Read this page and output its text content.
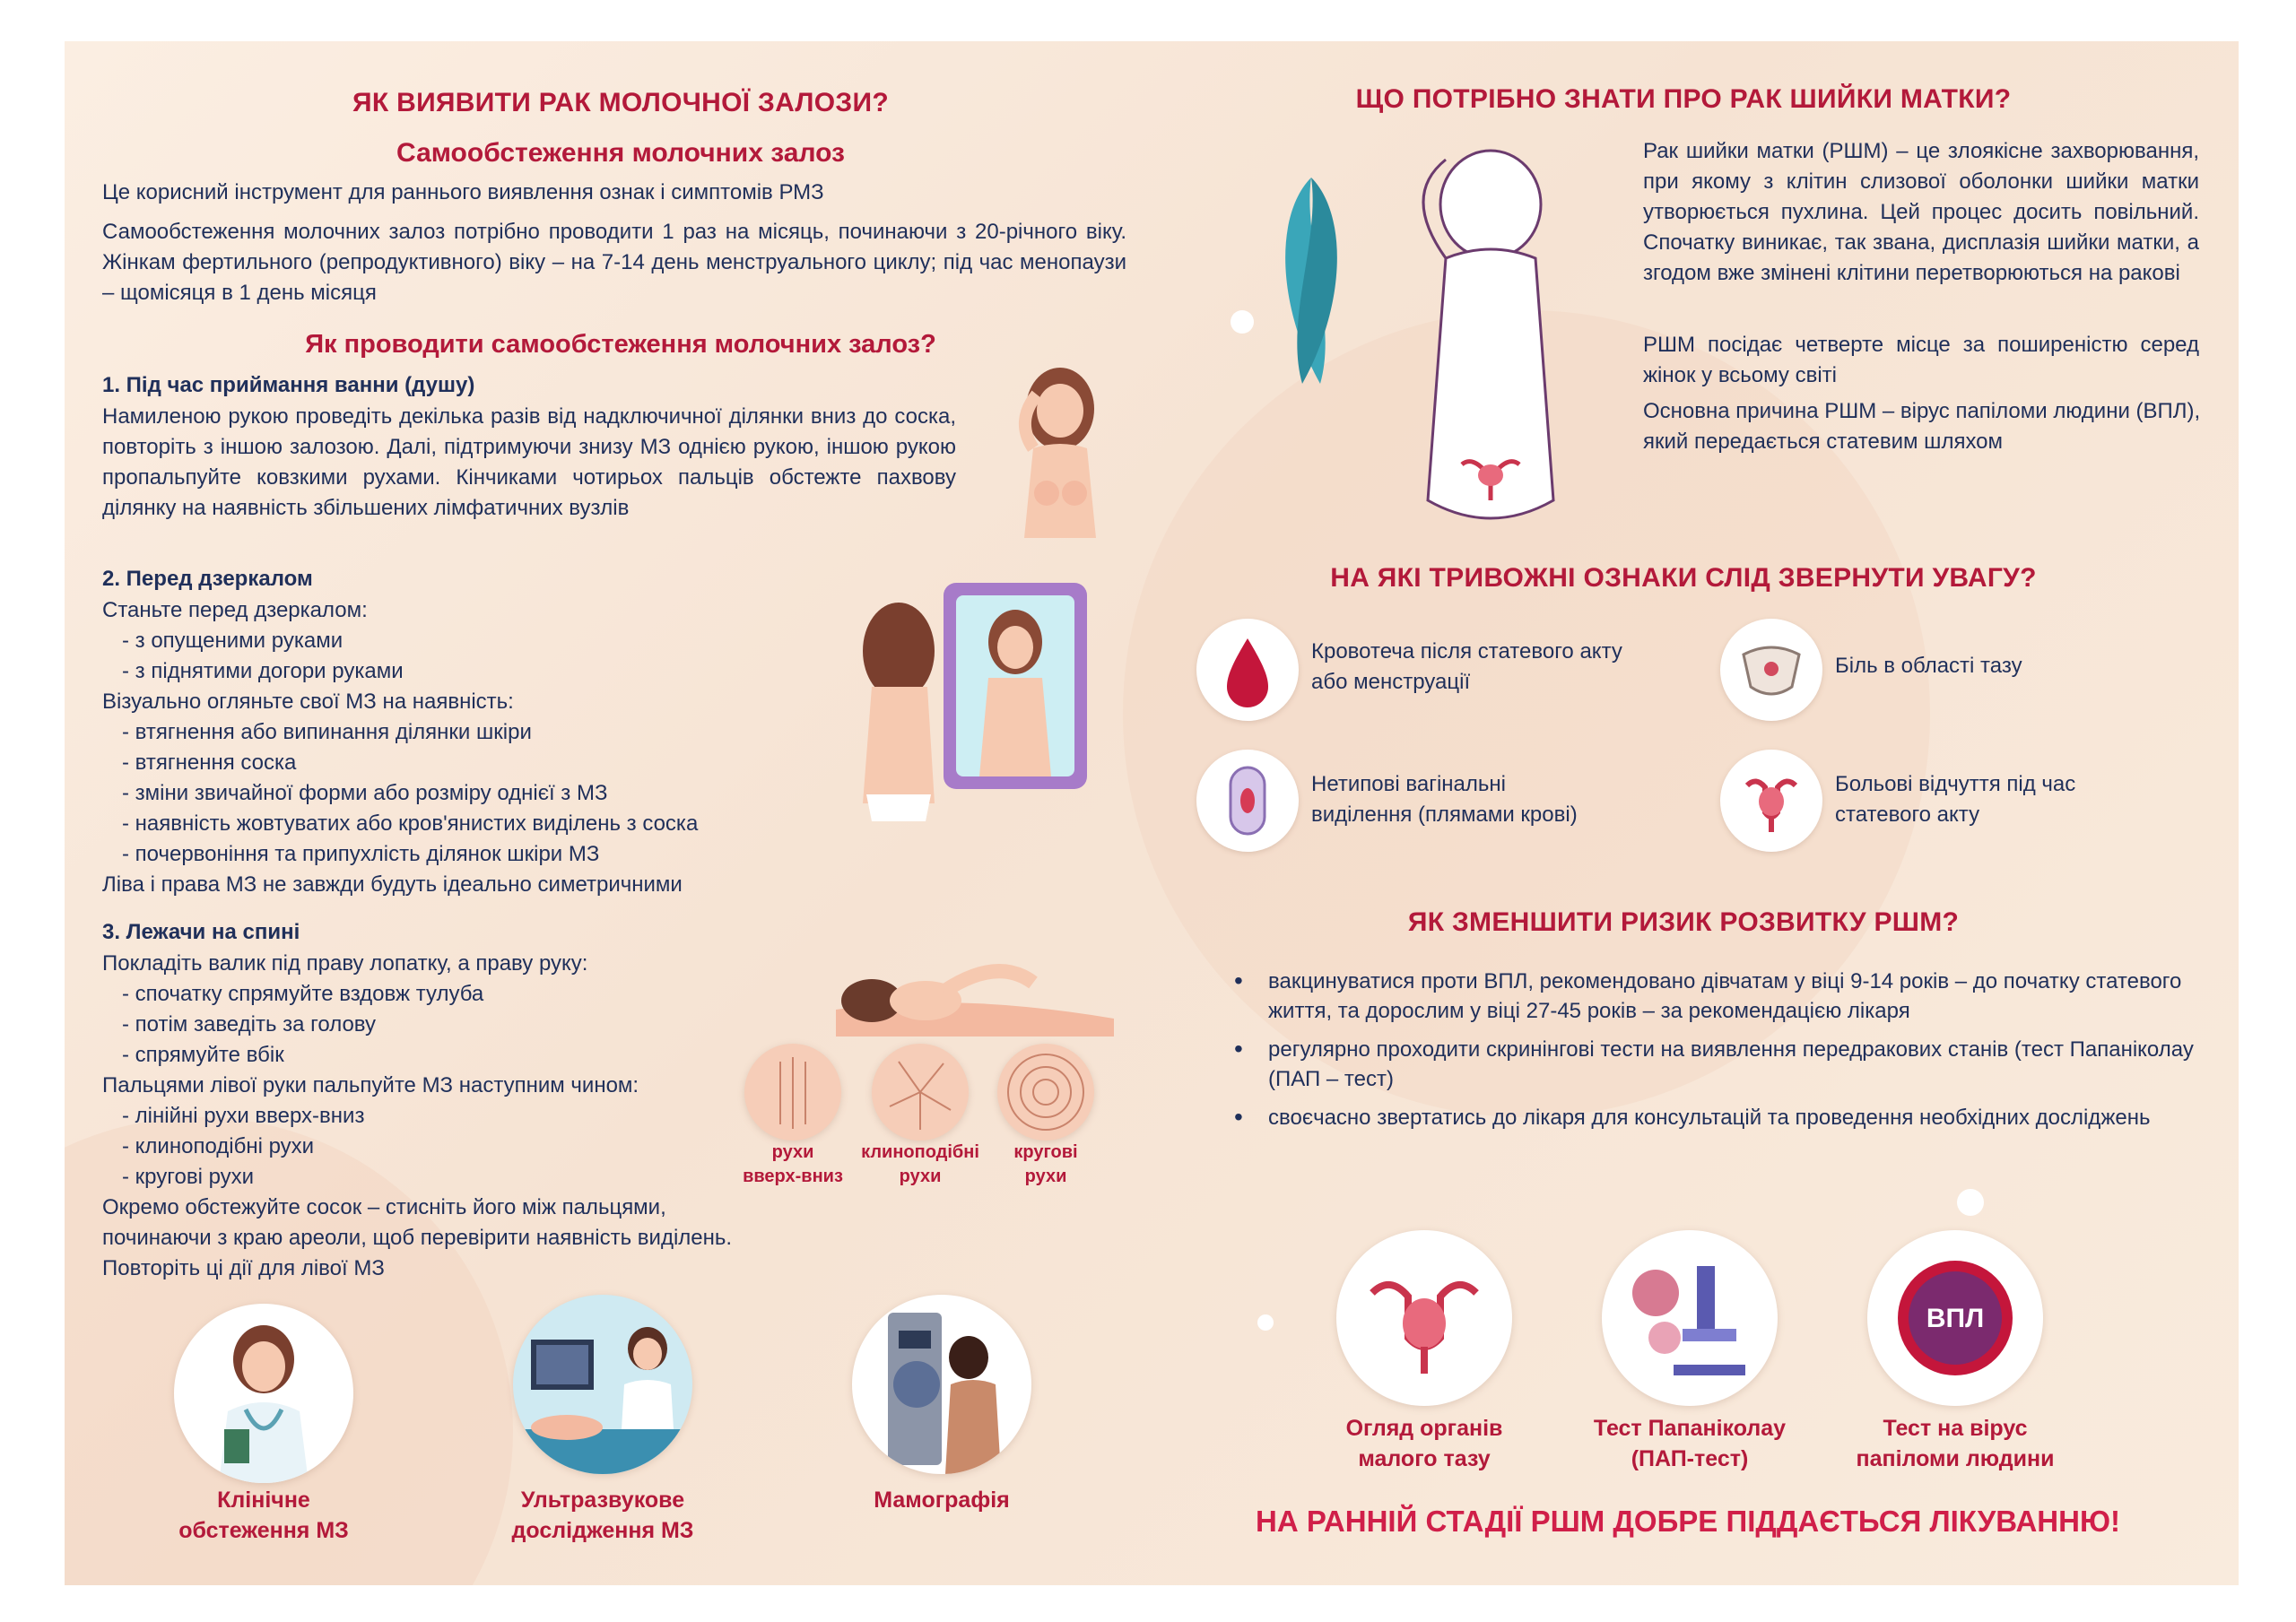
ЯК ВИЯВИТИ РАК МОЛОЧНОЇ ЗАЛОЗИ?
Самообстеження молочних залоз
Це корисний інструмент для раннього виявлення ознак і симптомів РМЗ
Самообстеження молочних залоз потрібно проводити 1 раз на місяць, починаючи з 20-річного віку. Жінкам фертильного (репродуктивного) віку – на 7-14 день менструального циклу; під час менопаузи – щомісяця в 1 день місяця
Як проводити самообстеження молочних залоз?
1. Під час приймання ванни (душу)
Намиленою рукою проведіть декілька разів від надключичної ділянки вниз до соска, повторіть з іншою залозою. Далі, підтримуючи знизу МЗ однією рукою, іншою рукою пропальпуйте ковзкими рухами. Кінчиками чотирьох пальців обстежте пахвову ділянку на наявність збільшених лімфатичних вузлів
2. Перед дзеркалом
Станьте перед дзеркалом:
- з опущеними руками
- з піднятими догори руками
Візуально огляньте свої МЗ на наявність:
- втягнення або випинання ділянки шкіри
- втягнення соска
- зміни звичайної форми або розміру однієї з МЗ
- наявність жовтуватих або кров'янистих виділень з соска
- почервоніння та припухлість ділянок шкіри МЗ
Ліва і права МЗ не завжди будуть ідеально симетричними
3. Лежачи на спині
Покладіть валик під праву лопатку, а праву руку:
- спочатку спрямуйте вздовж тулуба
- потім заведіть за голову
- спрямуйте вбік
Пальцями лівої руки пальпуйте МЗ наступним чином:
- лінійні рухи вверх-вниз
- клиноподібні рухи
- кругові рухи
Окремо обстежуйте сосок – стисніть його між пальцями,
починаючи з краю ареоли, щоб перевірити наявність виділень.
Повторіть ці дії для лівої МЗ
рухи
вверх-вниз
клиноподібні
рухи
кругові
рухи
Клінічне
обстеження МЗ
Ультразвукове
дослідження МЗ
Мамографія
ЩО ПОТРІБНО ЗНАТИ ПРО РАК ШИЙКИ МАТКИ?
Рак шийки матки (РШМ) – це злоякісне захворювання, при якому з клітин слизової оболонки шийки матки утворюється пухлина. Цей процес досить повільний. Спочатку виникає, так звана, дисплазія шийки матки, а згодом вже змінені клітини перетворюються на ракові
РШМ посідає четверте місце за поширеністю серед жінок у всьому світі
Основна причина РШМ – вірус папіломи людини (ВПЛ), який передається статевим шляхом
НА ЯКІ ТРИВОЖНІ ОЗНАКИ СЛІД ЗВЕРНУТИ УВАГУ?
Кровотеча після статевого акту
або менструації
Біль в області тазу
Нетипові вагінальні
виділення (плямами крові)
Больові відчуття під час
статевого акту
ЯК ЗМЕНШИТИ РИЗИК РОЗВИТКУ РШМ?
• вакцинуватися проти ВПЛ, рекомендовано дівчатам у віці 9-14 років – до початку статевого життя, та дорослим у віці 27-45 років – за рекомендацією лікаря
• регулярно проходити скринінгові тести на виявлення передракових станів (тест Папаніколау (ПАП – тест)
• своєчасно звертатись до лікаря для консультацій та проведення необхідних досліджень
Огляд органів
малого тазу
Тест Папаніколау
(ПАП-тест)
ВПЛ
Тест на вірус
папіломи людини
НА РАННІЙ СТАДІЇ РШМ ДОБРЕ ПІДДАЄТЬСЯ ЛІКУВАННЮ!
